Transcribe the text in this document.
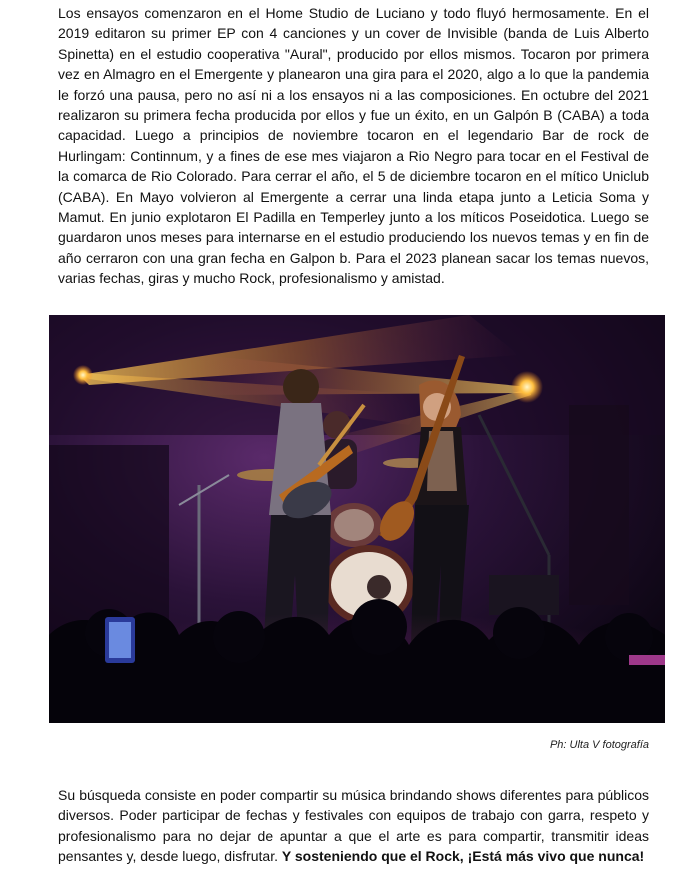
Los ensayos comenzaron en el Home Studio de Luciano y todo fluyó hermosamente. En el 2019 editaron su primer EP con 4 canciones y un cover de Invisible (banda de Luis Alberto Spinetta) en el estudio cooperativa "Aural", producido por ellos mismos. Tocaron por primera vez en Almagro en el Emergente y planearon una gira para el 2020, algo a lo que la pandemia le forzó una pausa, pero no así ni a los ensayos ni a las composiciones. En octubre del 2021 realizaron su primera fecha producida por ellos y fue un éxito, en un Galpón B (CABA) a toda capacidad. Luego a principios de noviembre tocaron en el legendario Bar de rock de Hurlingam: Continnum, y a fines de ese mes viajaron a Rio Negro para tocar en el Festival de la comarca de Rio Colorado. Para cerrar el año, el 5 de diciembre tocaron en el mítico Uniclub (CABA). En Mayo volvieron al Emergente a cerrar una linda etapa junto a Leticia Soma y Mamut. En junio explotaron El Padilla en Temperley junto a los míticos Poseidotica. Luego se guardaron unos meses para internarse en el estudio produciendo los nuevos temas y en fin de año cerraron con una gran fecha en Galpon b. Para el 2023 planean sacar los temas nuevos, varias fechas, giras y mucho Rock, profesionalismo y amistad.

Ph: Ulta V fotografía

Su búsqueda consiste en poder compartir su música brindando shows diferentes para públicos diversos. Poder participar de fechas y festivales con equipos de trabajo con garra, respeto y profesionalismo para no dejar de apuntar a que el arte es para compartir, transmitir ideas pensantes y, desde luego, disfrutar. Y sosteniendo que el Rock, ¡Está más vivo que nunca!
